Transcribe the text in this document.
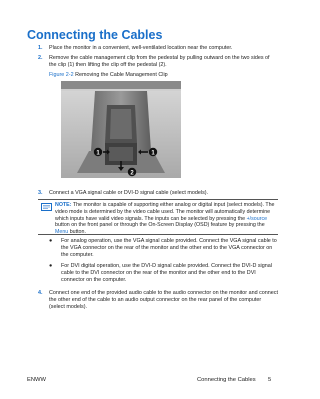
Connecting the Cables
1. Place the monitor in a convenient, well-ventilated location near the computer.
2. Remove the cable management clip from the pedestal by pulling outward on the two sides of the clip (1) then lifting the clip off the pedestal (2).
Figure 2-2 Removing the Cable Management Clip
1	1
2
3. Connect a VGA signal cable or DVI-D signal cable (select models).
NOTE: The monitor is capable of supporting either analog or digital input (select models). The video mode is determined by the video cable used. The monitor will automatically determine which inputs have valid video signals. The inputs can be selected by pressing the +/source button on the front panel or through the On-Screen Display (OSD) feature by pressing the Menu button.
● For analog operation, use the VGA signal cable provided. Connect the VGA signal cable to the VGA connector on the rear of the monitor and the other end to the VGA connector on the computer.
● For DVI digital operation, use the DVI-D signal cable provided. Connect the DVI-D signal cable to the DVI connector on the rear of the monitor and the other end to the DVI connector on the computer.
4. Connect one end of the provided audio cable to the audio connector on the monitor and connect the other end of the cable to an audio output connector on the rear panel of the computer (select models).
ENWW	Connecting the Cables 5
